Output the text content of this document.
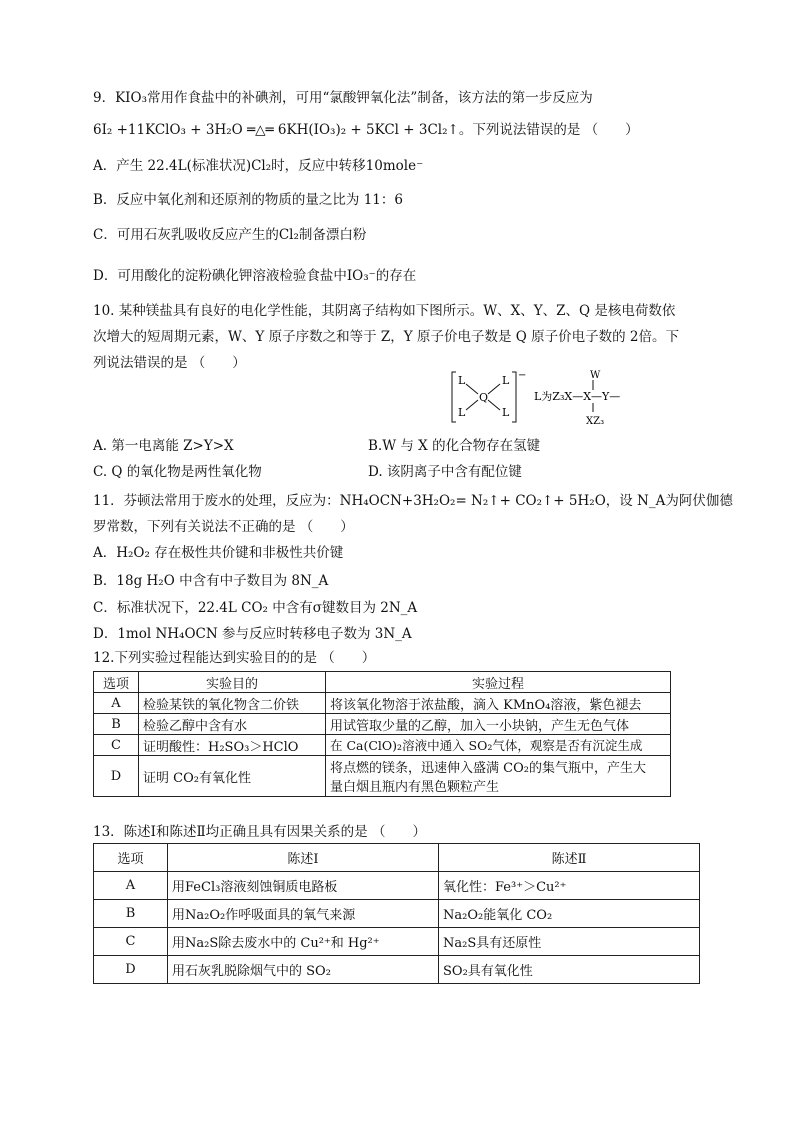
9．KIO₃常用作食盐中的补碘剂，可用“氯酸钾氧化法”制备，该方法的第一步反应为
6I₂ +11KClO₃ + 3H₂O ═△═ 6KH(IO₃)₂ + 5KCl + 3Cl₂↑。下列说法错误的是 （　　）
A．产生 22.4L(标准状况)Cl₂时，反应中转移10mole⁻
B．反应中氧化剂和还原剂的物质的量之比为 11：6
C．可用石灰乳吸收反应产生的Cl₂制备漂白粉
D．可用酸化的淀粉碘化钾溶液检验食盐中IO₃⁻的存在
10. 某种镁盐具有良好的电化学性能，其阴离子结构如下图所示。W、X、Y、Z、Q 是核电荷数依
次增大的短周期元素，W、Y 原子序数之和等于 Z，Y 原子价电子数是 Q 原子价电子数的 2倍。下
列说法错误的是 （　　）
−
L	L
L	L
Q
W
L为Z₃X—X—Y—
XZ₃
A. 第一电离能 Z>Y>X	B.W 与 X 的化合物存在氢键
C. Q 的氧化物是两性氧化物	D. 该阴离子中含有配位键
11．芬顿法常用于废水的处理，反应为：NH₄OCN+3H₂O₂= N₂↑+ CO₂↑+ 5H₂O，设 N_A为阿伏伽德
罗常数，下列有关说法不正确的是 （　　）
A．H₂O₂ 存在极性共价键和非极性共价键
B．18g H₂O 中含有中子数目为 8N_A
C．标准状况下，22.4L CO₂ 中含有σ键数目为 2N_A
D．1mol NH₄OCN 参与反应时转移电子数为 3N_A
12.下列实验过程能达到实验目的的是 （　　）
选项	实验目的	实验过程
A	检验某铁的氧化物含二价铁	将该氧化物溶于浓盐酸，滴入 KMnO₄溶液，紫色褪去
B	检验乙醇中含有水	用试管取少量的乙醇，加入一小块钠，产生无色气体
C	证明酸性：H₂SO₃＞HClO	在 Ca(ClO)₂溶液中通入 SO₂气体，观察是否有沉淀生成
D	证明 CO₂有氧化性	将点燃的镁条，迅速伸入盛满 CO₂的集气瓶中，产生大
量白烟且瓶内有黑色颗粒产生
13．陈述Ⅰ和陈述Ⅱ均正确且具有因果关系的是 （　　）
选项	陈述Ⅰ	陈述Ⅱ
A	用FeCl₃溶液刻蚀铜质电路板	氧化性：Fe³⁺＞Cu²⁺
B	用Na₂O₂作呼吸面具的氧气来源	Na₂O₂能氧化 CO₂
C	用Na₂S除去废水中的 Cu²⁺和 Hg²⁺	Na₂S具有还原性
D	用石灰乳脱除烟气中的 SO₂	SO₂具有氧化性
